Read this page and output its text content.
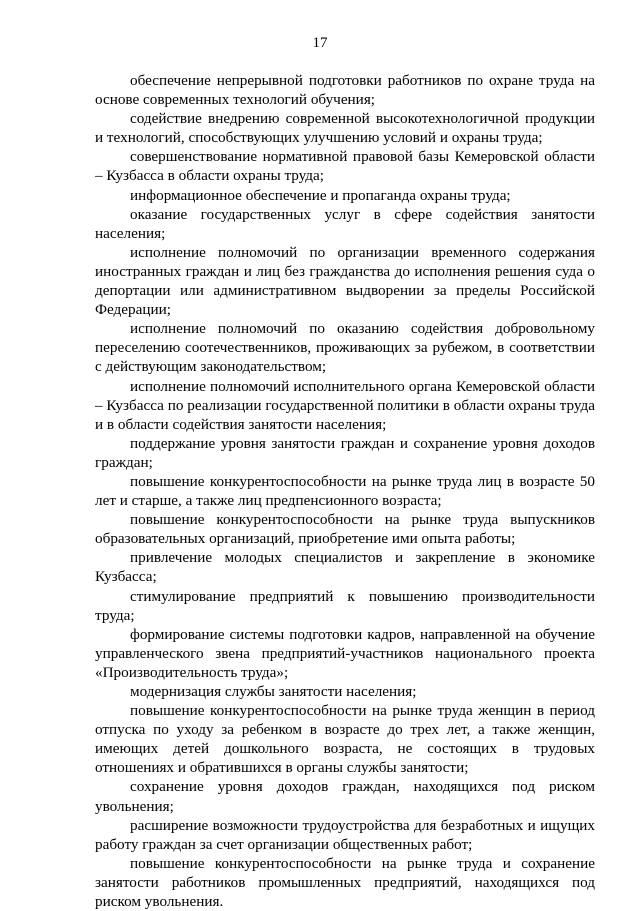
17

обеспечение непрерывной подготовки работников по охране труда на основе современных технологий обучения;

содействие внедрению современной высокотехнологичной продукции и технологий, способствующих улучшению условий и охраны труда;

совершенствование нормативной правовой базы Кемеровской области – Кузбасса в области охраны труда;

информационное обеспечение и пропаганда охраны труда;

оказание государственных услуг в сфере содействия занятости населения;

исполнение полномочий по организации временного содержания иностранных граждан и лиц без гражданства до исполнения решения суда о депортации или административном выдворении за пределы Российской Федерации;

исполнение полномочий по оказанию содействия добровольному переселению соотечественников, проживающих за рубежом, в соответствии с действующим законодательством;

исполнение полномочий исполнительного органа Кемеровской области – Кузбасса по реализации государственной политики в области охраны труда и в области содействия занятости населения;

поддержание уровня занятости граждан и сохранение уровня доходов граждан;

повышение конкурентоспособности на рынке труда лиц в возрасте 50 лет и старше, а также лиц предпенсионного возраста;

повышение конкурентоспособности на рынке труда выпускников образовательных организаций, приобретение ими опыта работы;

привлечение молодых специалистов и закрепление в экономике Кузбасса;

стимулирование предприятий к повышению производительности труда;

формирование системы подготовки кадров, направленной на обучение управленческого звена предприятий-участников национального проекта «Производительность труда»;

модернизация службы занятости населения;

повышение конкурентоспособности на рынке труда женщин в период отпуска по уходу за ребенком в возрасте до трех лет, а также женщин, имеющих детей дошкольного возраста, не состоящих в трудовых отношениях и обратившихся в органы службы занятости;

сохранение уровня доходов граждан, находящихся под риском увольнения;

расширение возможности трудоустройства для безработных и ищущих работу граждан за счет организации общественных работ;

повышение конкурентоспособности на рынке труда и сохранение занятости работников промышленных предприятий, находящихся под риском увольнения.
